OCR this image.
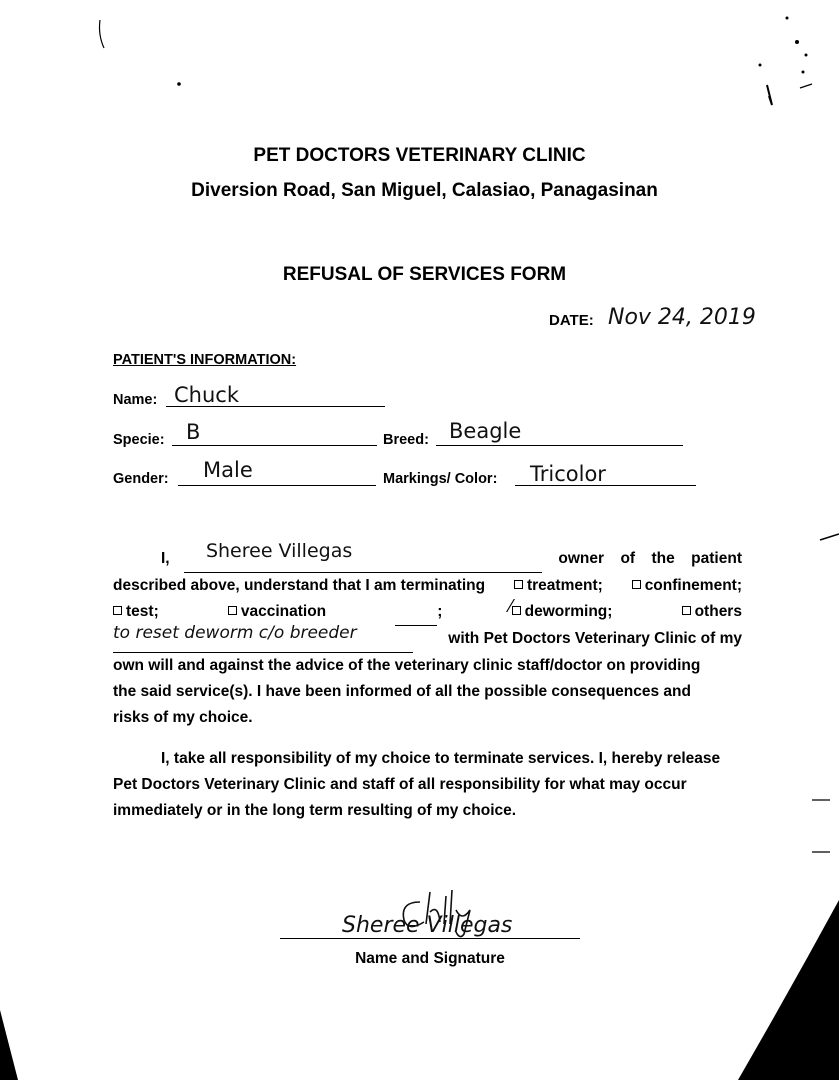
PET DOCTORS VETERINARY CLINIC
Diversion Road, San Miguel, Calasiao, Panagasinan
REFUSAL OF SERVICES FORM
DATE: Nov 24, 2019
PATIENT'S INFORMATION:
Name: Chuck
Specie: B	Breed: Beagle
Gender: Male	Markings/ Color: Tricolor
I, Sheree Villegas
	owner of the patient
described above, understand that I am terminating	treatment;	confinement;
test;	vaccination	;	⁄ deworming;	others
to reset deworm c/o breeder
	with Pet Doctors Veterinary Clinic of my
own will and against the advice of the veterinary clinic staff/doctor on providing
the said service(s). I have been informed of all the possible consequences and
risks of my choice.
I, take all responsibility of my choice to terminate services. I, hereby release
Pet Doctors Veterinary Clinic and staff of all responsibility for what may occur
immediately or in the long term resulting of my choice.
Sheree Villegas
Name and Signature
